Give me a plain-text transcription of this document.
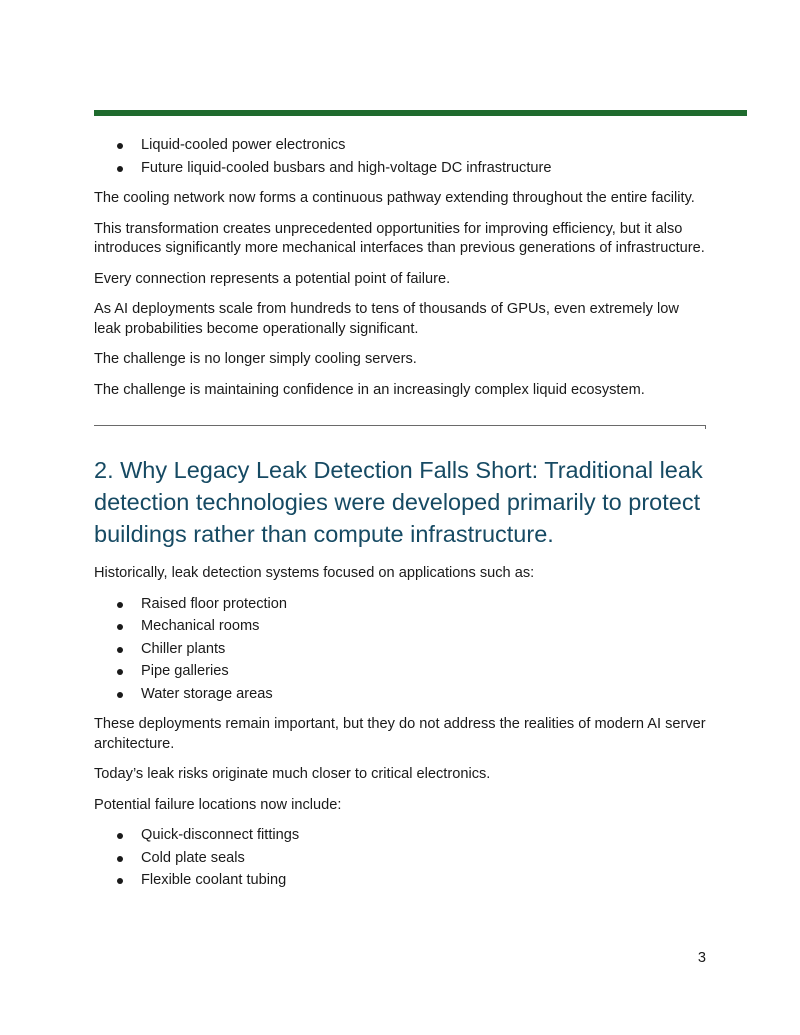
Liquid-cooled power electronics
Future liquid-cooled busbars and high-voltage DC infrastructure

The cooling network now forms a continuous pathway extending throughout the entire facility.

This transformation creates unprecedented opportunities for improving efficiency, but it also introduces significantly more mechanical interfaces than previous generations of infrastructure.

Every connection represents a potential point of failure.

As AI deployments scale from hundreds to tens of thousands of GPUs, even extremely low leak probabilities become operationally significant.

The challenge is no longer simply cooling servers.

The challenge is maintaining confidence in an increasingly complex liquid ecosystem.

2. Why Legacy Leak Detection Falls Short: Traditional leak detection technologies were developed primarily to protect buildings rather than compute infrastructure.

Historically, leak detection systems focused on applications such as:

Raised floor protection
Mechanical rooms
Chiller plants
Pipe galleries
Water storage areas

These deployments remain important, but they do not address the realities of modern AI server architecture.

Today’s leak risks originate much closer to critical electronics.

Potential failure locations now include:

Quick-disconnect fittings
Cold plate seals
Flexible coolant tubing
3
